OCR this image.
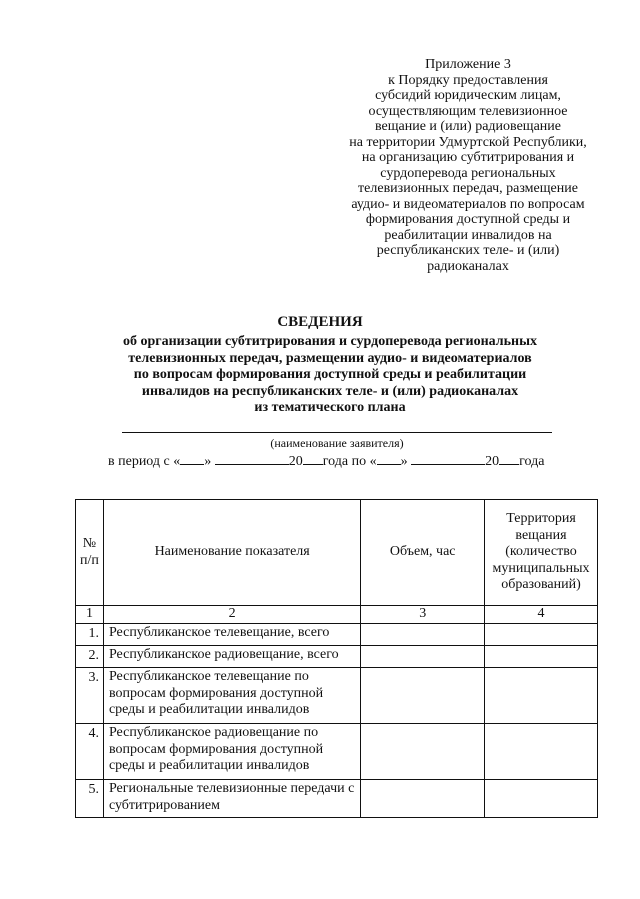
Приложение 3
к Порядку предоставления
субсидий юридическим лицам,
осуществляющим телевизионное
вещание и (или) радиовещание
на территории Удмуртской Республики,
на организацию субтитрирования и
сурдоперевода региональных
телевизионных передач, размещение
аудио- и видеоматериалов по вопросам
формирования доступной среды и
реабилитации инвалидов на
республиканских теле- и (или)
радиоканалах
СВЕДЕНИЯ
об организации субтитрирования и сурдоперевода региональных
телевизионных передач, размещении аудио- и видеоматериалов
по вопросам формирования доступной среды и реабилитации
инвалидов на республиканских теле- и (или) радиоканалах
из тематического плана
(наименование заявителя)
в период с « »	20 года по « »	20 года
№ п/п	Наименование показателя	Объем, час	Территория вещания (количество муниципальных образований)
1	2	3	4
1.	Республиканское телевещание, всего		
2.	Республиканское радиовещание, всего		
3.	Республиканское телевещание по вопросам формирования доступной среды и реабилитации инвалидов		
4.	Республиканское радиовещание по вопросам формирования доступной среды и реабилитации инвалидов		
5.	Региональные телевизионные передачи с субтитрированием		
